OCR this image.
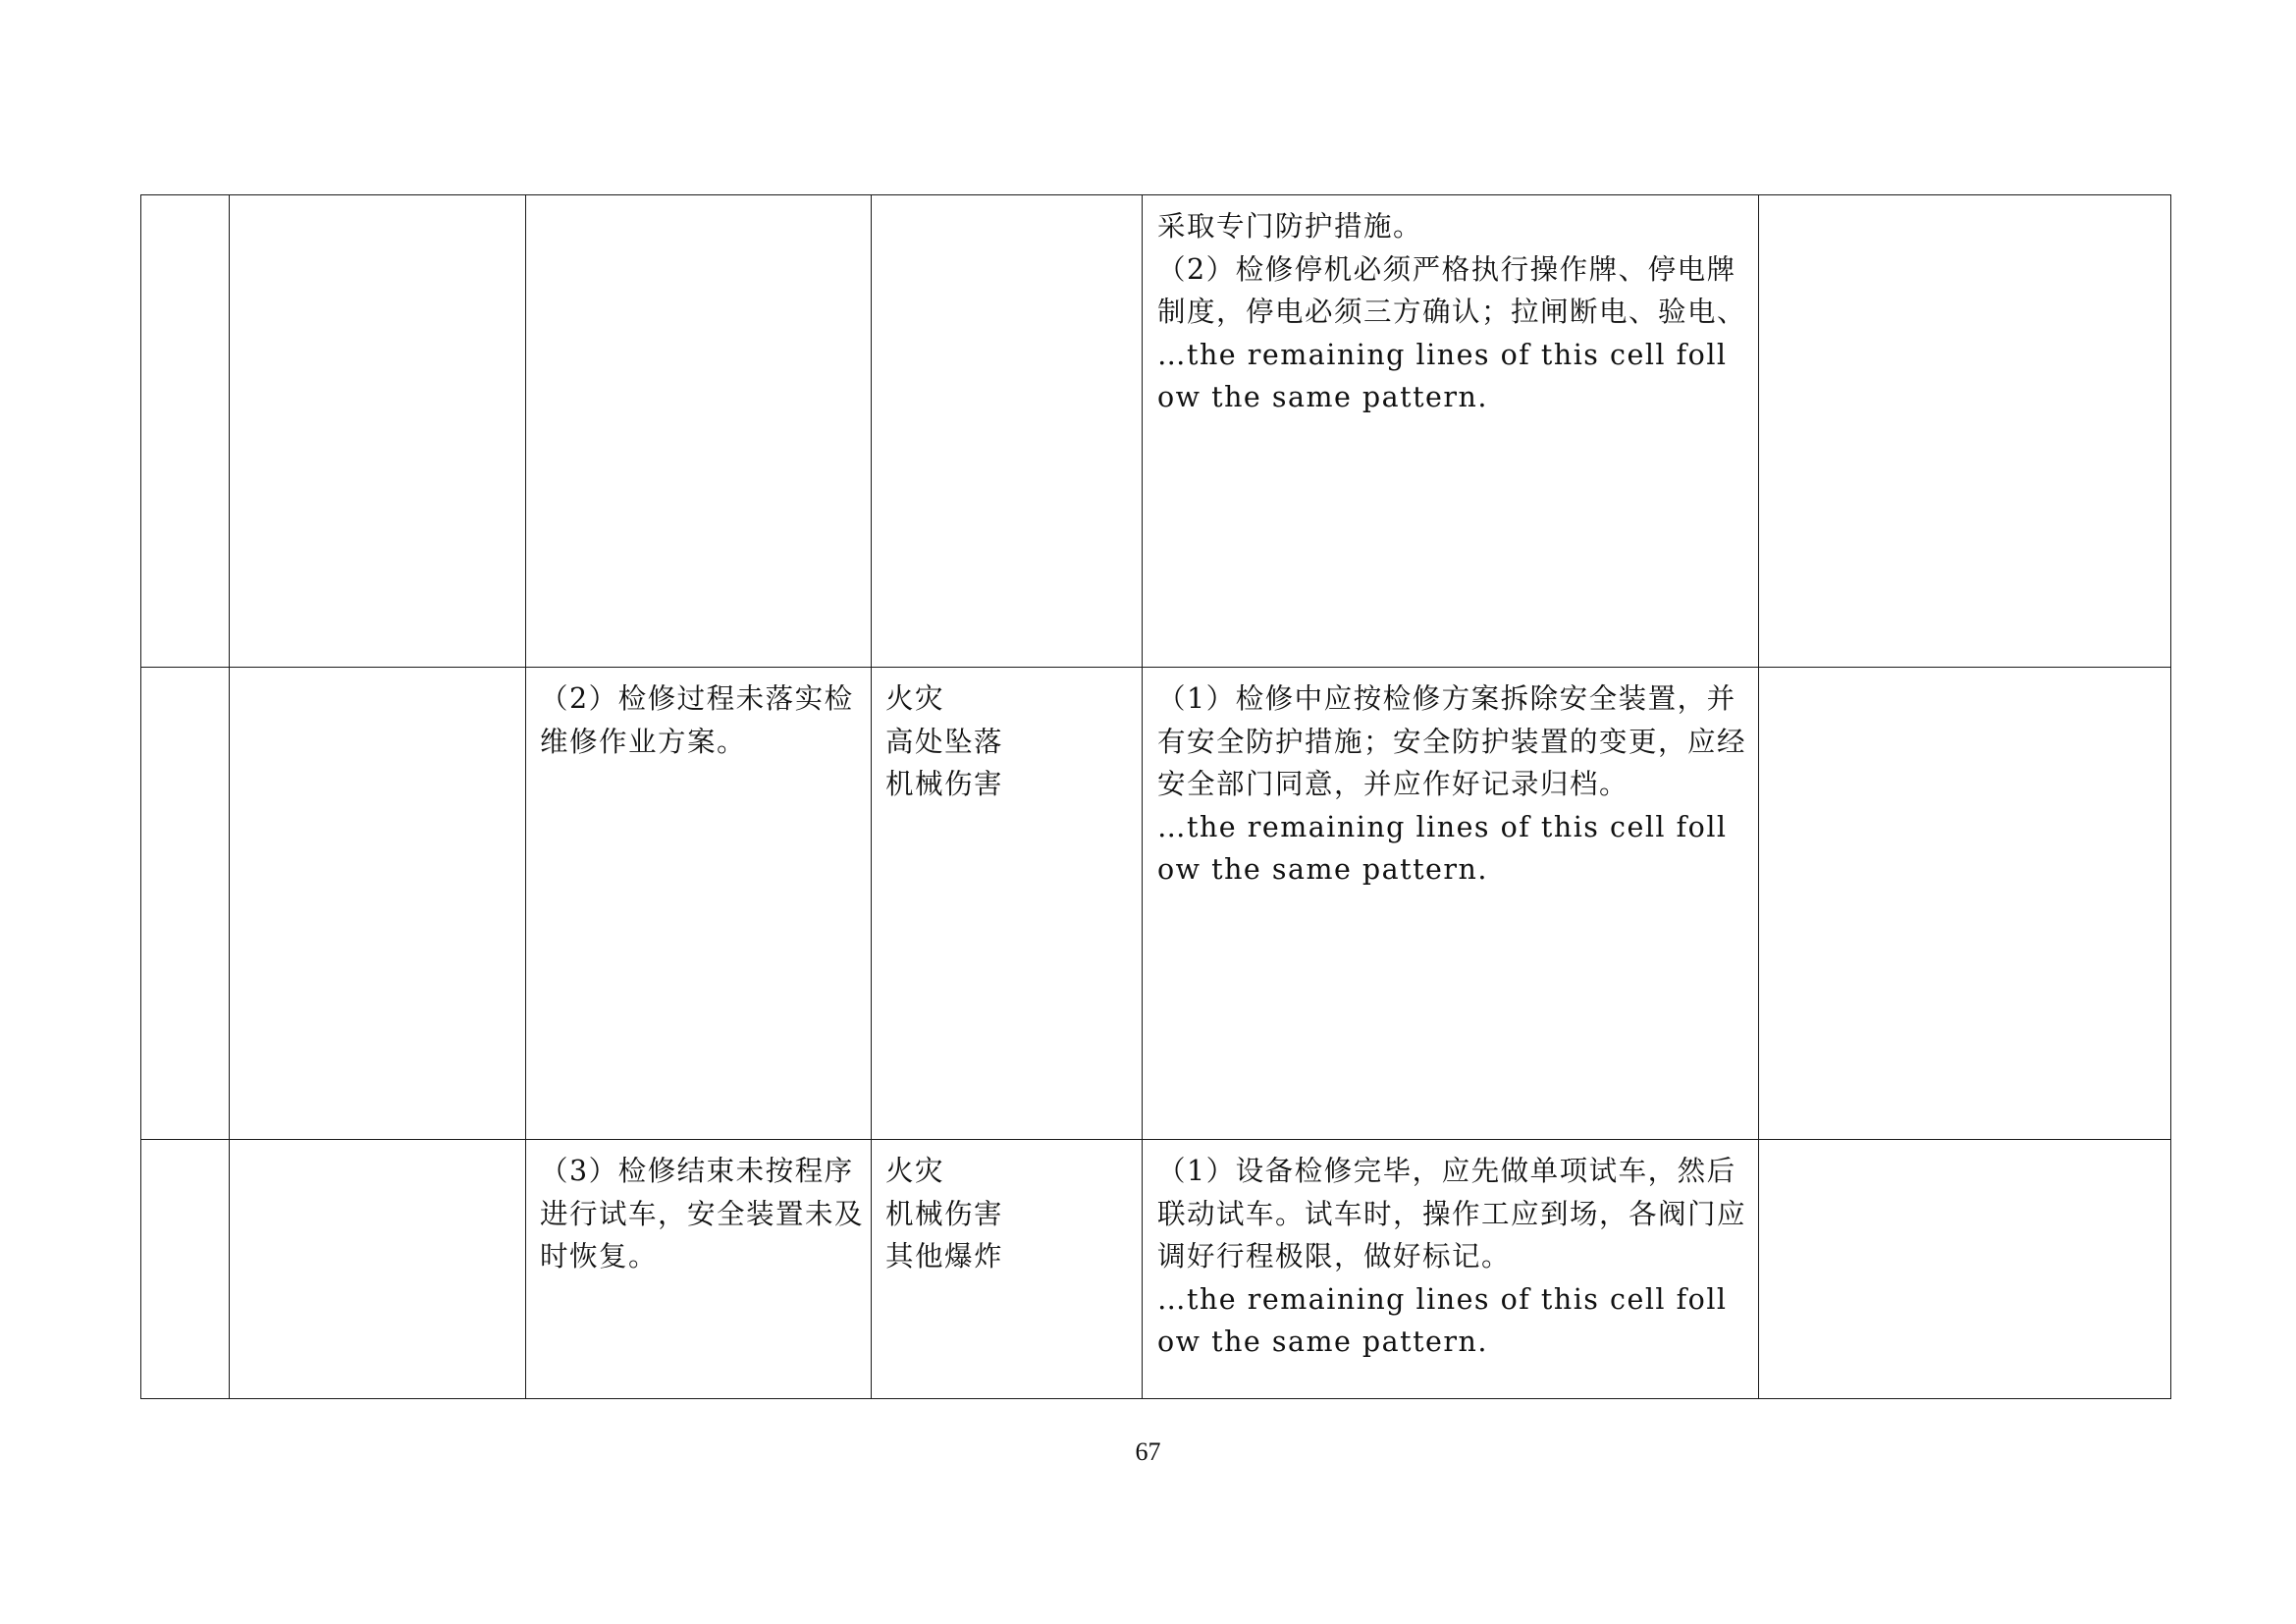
				采取专门防护措施。
（2）检修停机必须严格执行操作牌、停电牌
制度，停电必须三方确认；拉闸断电、验电、
…the remaining lines of this cell follow the same pattern.	

		（2）检修过程未落实检
维修作业方案。	火灾
高处坠落
机械伤害	（1）检修中应按检修方案拆除安全装置，并
有安全防护措施；安全防护装置的变更，应经
安全部门同意，并应作好记录归档。
…the remaining lines of this cell follow the same pattern.	

		（3）检修结束未按程序
进行试车，安全装置未及
时恢复。	火灾
机械伤害
其他爆炸	（1）设备检修完毕，应先做单项试车，然后
联动试车。试车时，操作工应到场，各阀门应
调好行程极限，做好标记。
…the remaining lines of this cell follow the same pattern.	

67
